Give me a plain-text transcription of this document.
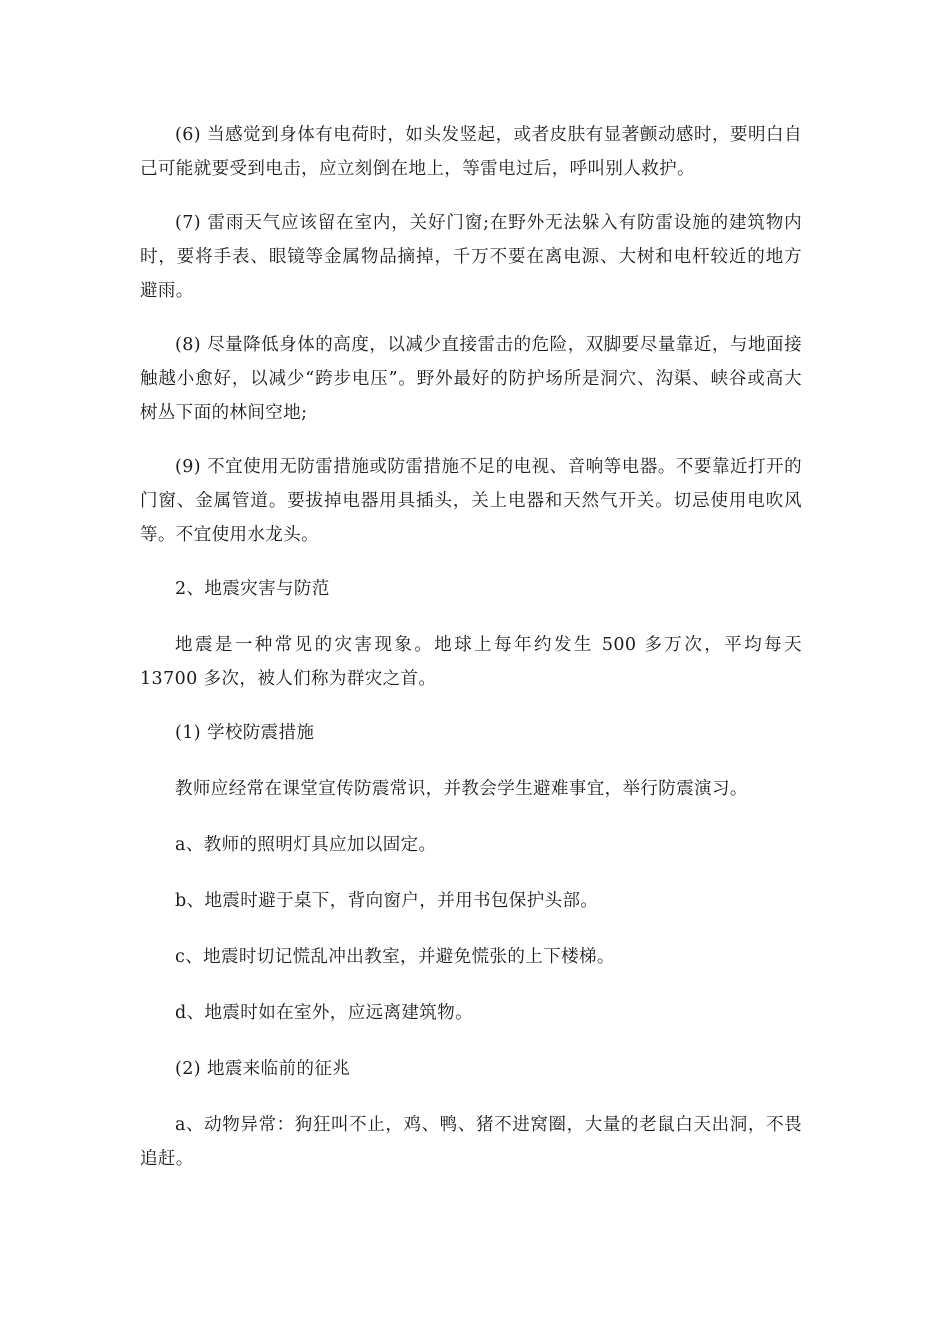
(6) 当感觉到身体有电荷时，如头发竖起，或者皮肤有显著颤动感时，要明白自己可能就要受到电击，应立刻倒在地上，等雷电过后，呼叫别人救护。

(7) 雷雨天气应该留在室内，关好门窗;在野外无法躲入有防雷设施的建筑物内时，要将手表、眼镜等金属物品摘掉，千万不要在离电源、大树和电杆较近的地方避雨。

(8) 尽量降低身体的高度，以减少直接雷击的危险，双脚要尽量靠近，与地面接触越小愈好，以减少“跨步电压”。野外最好的防护场所是洞穴、沟渠、峡谷或高大树丛下面的林间空地;

(9) 不宜使用无防雷措施或防雷措施不足的电视、音响等电器。不要靠近打开的门窗、金属管道。要拔掉电器用具插头，关上电器和天然气开关。切忌使用电吹风等。不宜使用水龙头。

2、地震灾害与防范

地震是一种常见的灾害现象。地球上每年约发生 500 多万次，平均每天 13700 多次，被人们称为群灾之首。

(1) 学校防震措施

教师应经常在课堂宣传防震常识，并教会学生避难事宜，举行防震演习。

a、教师的照明灯具应加以固定。

b、地震时避于桌下，背向窗户，并用书包保护头部。

c、地震时切记慌乱冲出教室，并避免慌张的上下楼梯。

d、地震时如在室外，应远离建筑物。

(2) 地震来临前的征兆

a、动物异常：狗狂叫不止，鸡、鸭、猪不进窝圈，大量的老鼠白天出洞，不畏追赶。
